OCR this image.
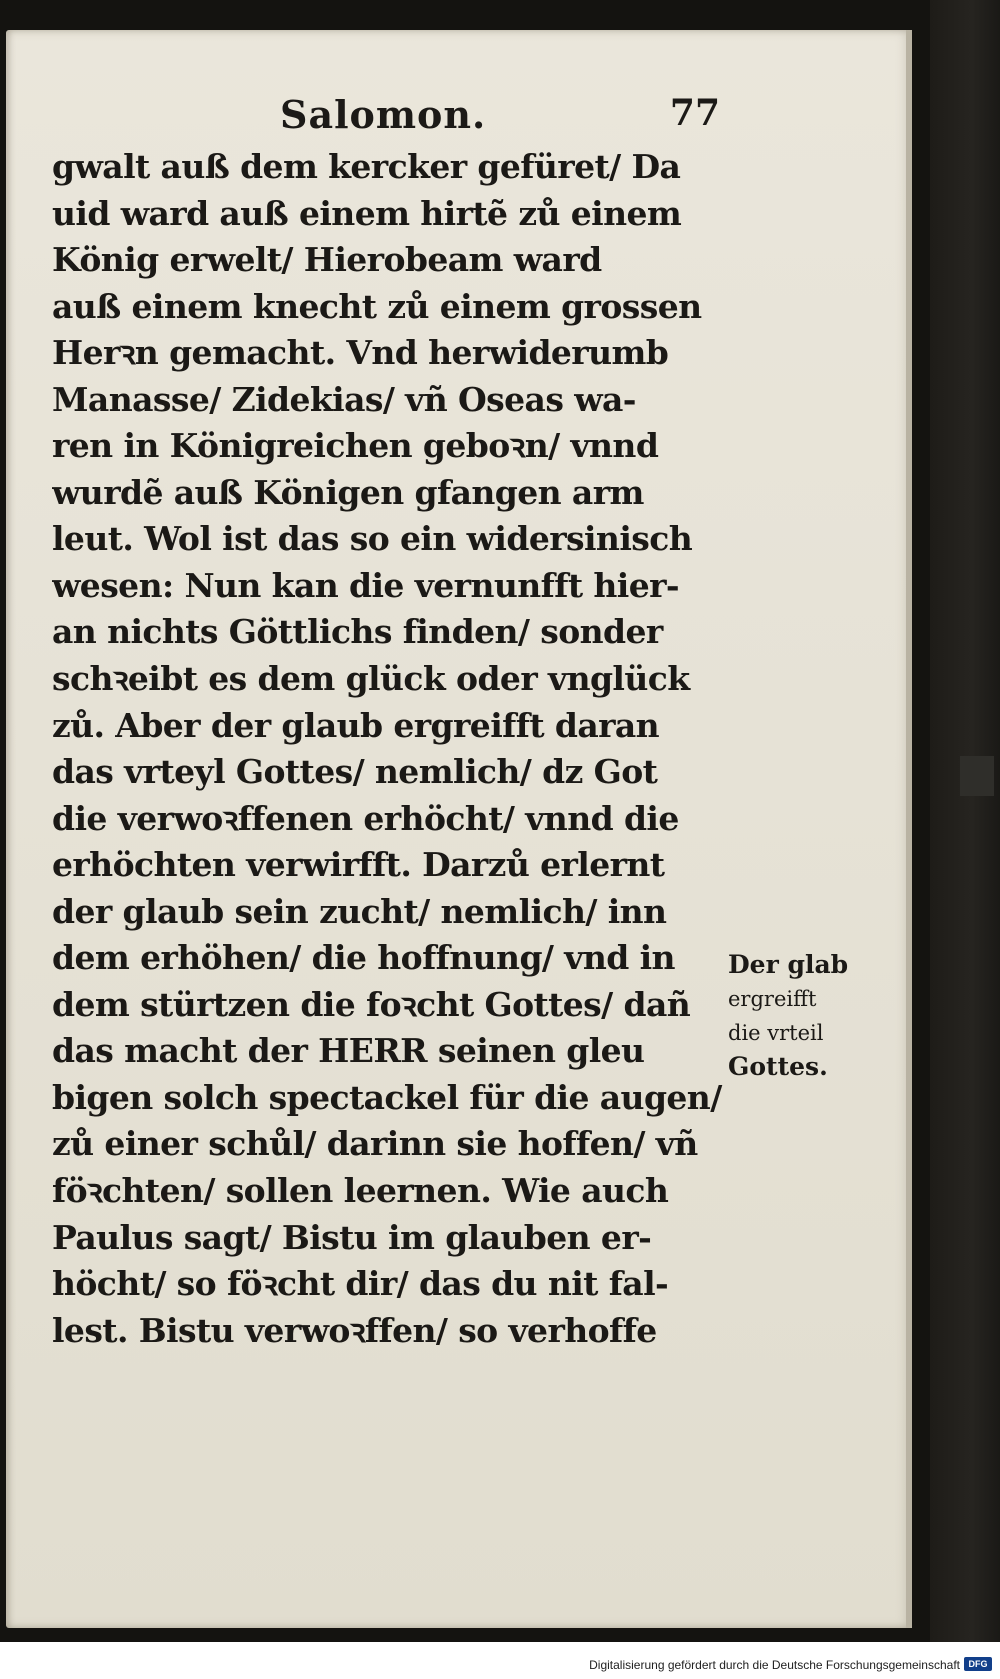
Salomon.	77
gwalt auß dem kercker gefüret/ Da
uid ward auß einem hirtẽ zů einem
König erwelt/ Hierobeam ward
auß einem knecht zů einem grossen
Herꝛn gemacht. Vnd herwiderumb
Manasse/ Zidekias/ vñ Oseas wa-
ren in Königreichen geboꝛn/ vnnd
wurdẽ auß Königen gfangen arm
leut. Wol ist das so ein widersinisch
wesen: Nun kan die vernunfft hier-
an nichts Göttlichs finden/ sonder
schꝛeibt es dem glück oder vnglück
zů. Aber der glaub ergreifft daran
das vrteyl Gottes/ nemlich/ dz Got
die verwoꝛffenen erhöcht/ vnnd die
erhöchten verwirfft. Darzů erlernt
der glaub sein zucht/ nemlich/ inn
dem erhöhen/ die hoffnung/ vnd in
dem stürtzen die foꝛcht Gottes/ dañ
das macht der HERR seinen gleu
bigen solch spectackel für die augen/
zů einer schůl/ darinn sie hoffen/ vñ
föꝛchten/ sollen leernen. Wie auch
Paulus sagt/ Bistu im glauben er-
höcht/ so föꝛcht dir/ das du nit fal-
lest. Bistu verwoꝛffen/ so verhoffe
Der glab
ergreifft
die vrteil
Gottes.
Digitalisierung gefördert durch die Deutsche Forschungsgemeinschaft DFG
